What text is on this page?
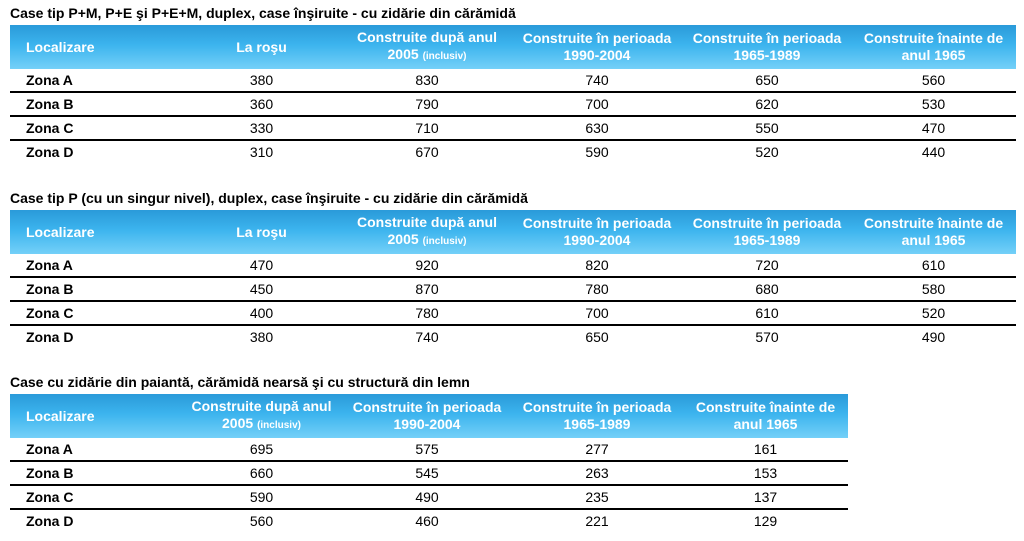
Case tip P+M, P+E şi P+E+M, duplex, case înşiruite - cu zidărie din cărămidă

Localizare	La roşu	Construite după anul 2005 (inclusiv)	Construite în perioada 1990-2004	Construite în perioada 1965-1989	Construite înainte de anul 1965
Zona A	380	830	740	650	560
Zona B	360	790	700	620	530
Zona C	330	710	630	550	470
Zona D	310	670	590	520	440

Case tip P (cu un singur nivel), duplex, case înşiruite - cu zidărie din cărămidă

Localizare	La roşu	Construite după anul 2005 (inclusiv)	Construite în perioada 1990-2004	Construite în perioada 1965-1989	Construite înainte de anul 1965
Zona A	470	920	820	720	610
Zona B	450	870	780	680	580
Zona C	400	780	700	610	520
Zona D	380	740	650	570	490

Case cu zidărie din paiantă, cărămidă nearsă şi cu structură din lemn

Localizare	Construite după anul 2005 (inclusiv)	Construite în perioada 1990-2004	Construite în perioada 1965-1989	Construite înainte de anul 1965
Zona A	695	575	277	161
Zona B	660	545	263	153
Zona C	590	490	235	137
Zona D	560	460	221	129
